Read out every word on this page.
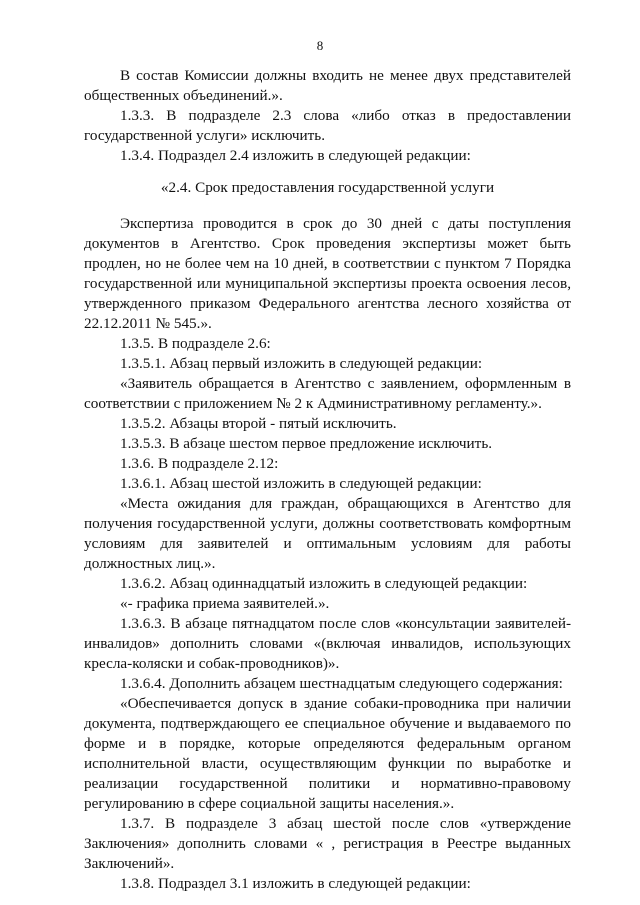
8

В состав Комиссии должны входить не менее двух представителей общественных объединений.».

1.3.3. В подразделе 2.3 слова «либо отказ в предоставлении государственной услуги» исключить.

1.3.4. Подраздел 2.4 изложить в следующей редакции:

«2.4. Срок предоставления государственной услуги

Экспертиза проводится в срок до 30 дней с даты поступления документов в Агентство. Срок проведения экспертизы может быть продлен, но не более чем на 10 дней, в соответствии с пунктом 7 Порядка государственной или муниципальной экспертизы проекта освоения лесов, утвержденного приказом Федерального агентства лесного хозяйства от 22.12.2011 № 545.».

1.3.5. В подразделе 2.6:

1.3.5.1. Абзац первый изложить в следующей редакции:

«Заявитель обращается в Агентство с заявлением, оформленным в соответствии с приложением № 2 к Административному регламенту.».

1.3.5.2. Абзацы второй - пятый исключить.

1.3.5.3. В абзаце шестом первое предложение исключить.

1.3.6. В подразделе 2.12:

1.3.6.1. Абзац шестой изложить в следующей редакции:

«Места ожидания для граждан, обращающихся в Агентство для получения государственной услуги, должны соответствовать комфортным условиям для заявителей и оптимальным условиям для работы должностных лиц.».

1.3.6.2. Абзац одиннадцатый изложить в следующей редакции:

«- графика приема заявителей.».

1.3.6.3. В абзаце пятнадцатом после слов «консультации заявителей-инвалидов» дополнить словами «(включая инвалидов, использующих кресла-коляски и собак-проводников)».

1.3.6.4. Дополнить абзацем шестнадцатым следующего содержания:

«Обеспечивается допуск в здание собаки-проводника при наличии документа, подтверждающего ее специальное обучение и выдаваемого по форме и в порядке, которые определяются федеральным органом исполнительной власти, осуществляющим функции по выработке и реализации государственной политики и нормативно-правовому регулированию в сфере социальной защиты населения.».

1.3.7. В подразделе 3 абзац шестой после слов «утверждение Заключения» дополнить словами « , регистрация в Реестре выданных Заключений».

1.3.8. Подраздел 3.1 изложить в следующей редакции:
